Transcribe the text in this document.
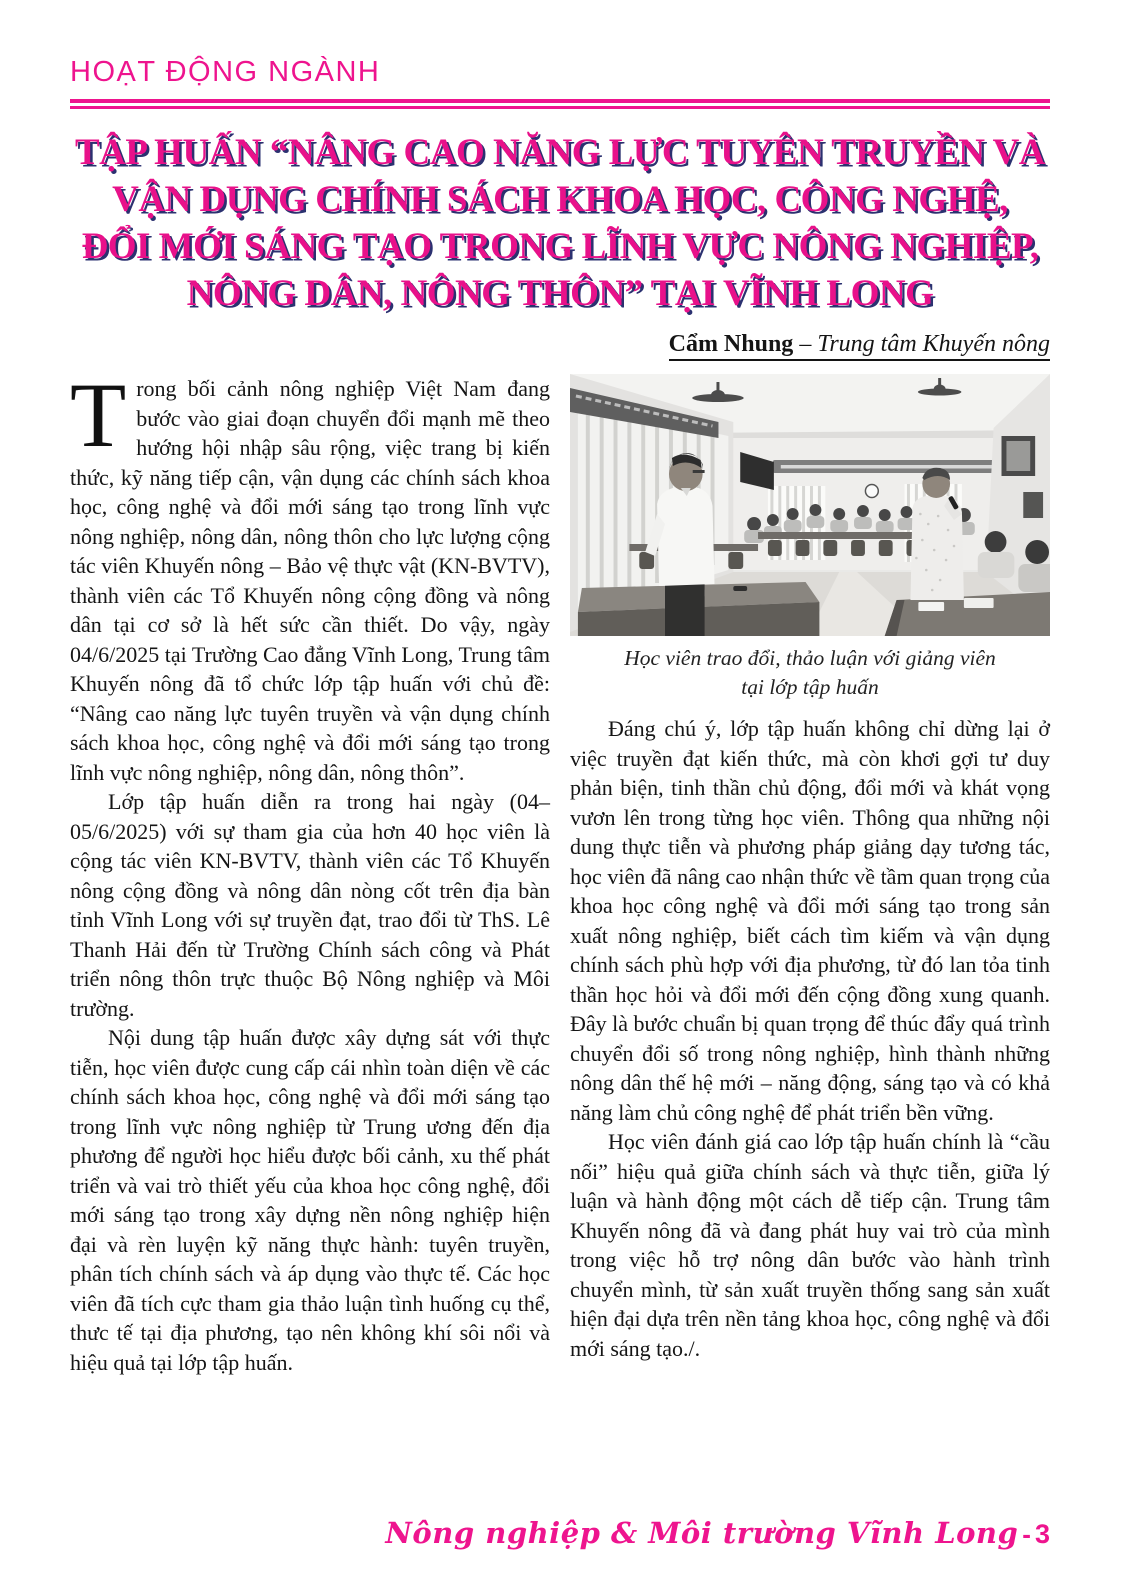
HOẠT ĐỘNG NGÀNH
TẬP HUẤN “NÂNG CAO NĂNG LỰC TUYÊN TRUYỀN VÀ
VẬN DỤNG CHÍNH SÁCH KHOA HỌC, CÔNG NGHỆ,
ĐỔI MỚI SÁNG TẠO TRONG LĨNH VỰC NÔNG NGHIỆP,
NÔNG DÂN, NÔNG THÔN” TẠI VĨNH LONG
Cẩm Nhung – Trung tâm Khuyến nông

Trong bối cảnh nông nghiệp Việt Nam đang bước vào giai đoạn chuyển đổi mạnh mẽ theo hướng hội nhập sâu rộng, việc trang bị kiến thức, kỹ năng tiếp cận, vận dụng các chính sách khoa học, công nghệ và đổi mới sáng tạo trong lĩnh vực nông nghiệp, nông dân, nông thôn cho lực lượng cộng tác viên Khuyến nông – Bảo vệ thực vật (KN-BVTV), thành viên các Tổ Khuyến nông cộng đồng và nông dân tại cơ sở là hết sức cần thiết. Do vậy, ngày 04/6/2025 tại Trường Cao đẳng Vĩnh Long, Trung tâm Khuyến nông đã tổ chức lớp tập huấn với chủ đề: “Nâng cao năng lực tuyên truyền và vận dụng chính sách khoa học, công nghệ và đổi mới sáng tạo trong lĩnh vực nông nghiệp, nông dân, nông thôn”.

Lớp tập huấn diễn ra trong hai ngày (04–05/6/2025) với sự tham gia của hơn 40 học viên là cộng tác viên KN-BVTV, thành viên các Tổ Khuyến nông cộng đồng và nông dân nòng cốt trên địa bàn tỉnh Vĩnh Long với sự truyền đạt, trao đổi từ ThS. Lê Thanh Hải đến từ Trường Chính sách công và Phát triển nông thôn trực thuộc Bộ Nông nghiệp và Môi trường.

Nội dung tập huấn được xây dựng sát với thực tiễn, học viên được cung cấp cái nhìn toàn diện về các chính sách khoa học, công nghệ và đổi mới sáng tạo trong lĩnh vực nông nghiệp từ Trung ương đến địa phương để người học hiểu được bối cảnh, xu thế phát triển và vai trò thiết yếu của khoa học công nghệ, đổi mới sáng tạo trong xây dựng nền nông nghiệp hiện đại và rèn luyện kỹ năng thực hành: tuyên truyền, phân tích chính sách và áp dụng vào thực tế. Các học viên đã tích cực tham gia thảo luận tình huống cụ thể, thưc tế tại địa phương, tạo nên không khí sôi nổi và hiệu quả tại lớp tập huấn.

Học viên trao đổi, thảo luận với giảng viên
tại lớp tập huấn

Đáng chú ý, lớp tập huấn không chỉ dừng lại ở việc truyền đạt kiến thức, mà còn khơi gợi tư duy phản biện, tinh thần chủ động, đổi mới và khát vọng vươn lên trong từng học viên. Thông qua những nội dung thực tiễn và phương pháp giảng dạy tương tác, học viên đã nâng cao nhận thức về tầm quan trọng của khoa học công nghệ và đổi mới sáng tạo trong sản xuất nông nghiệp, biết cách tìm kiếm và vận dụng chính sách phù hợp với địa phương, từ đó lan tỏa tinh thần học hỏi và đổi mới đến cộng đồng xung quanh. Đây là bước chuẩn bị quan trọng để thúc đẩy quá trình chuyển đổi số trong nông nghiệp, hình thành những nông dân thế hệ mới – năng động, sáng tạo và có khả năng làm chủ công nghệ để phát triển bền vững.

Học viên đánh giá cao lớp tập huấn chính là “cầu nối” hiệu quả giữa chính sách và thực tiễn, giữa lý luận và hành động một cách dễ tiếp cận. Trung tâm Khuyến nông đã và đang phát huy vai trò của mình trong việc hỗ trợ nông dân bước vào hành trình chuyển mình, từ sản xuất truyền thống sang sản xuất hiện đại dựa trên nền tảng khoa học, công nghệ và đổi mới sáng tạo./.

Nông nghiệp & Môi trường Vĩnh Long - 3
